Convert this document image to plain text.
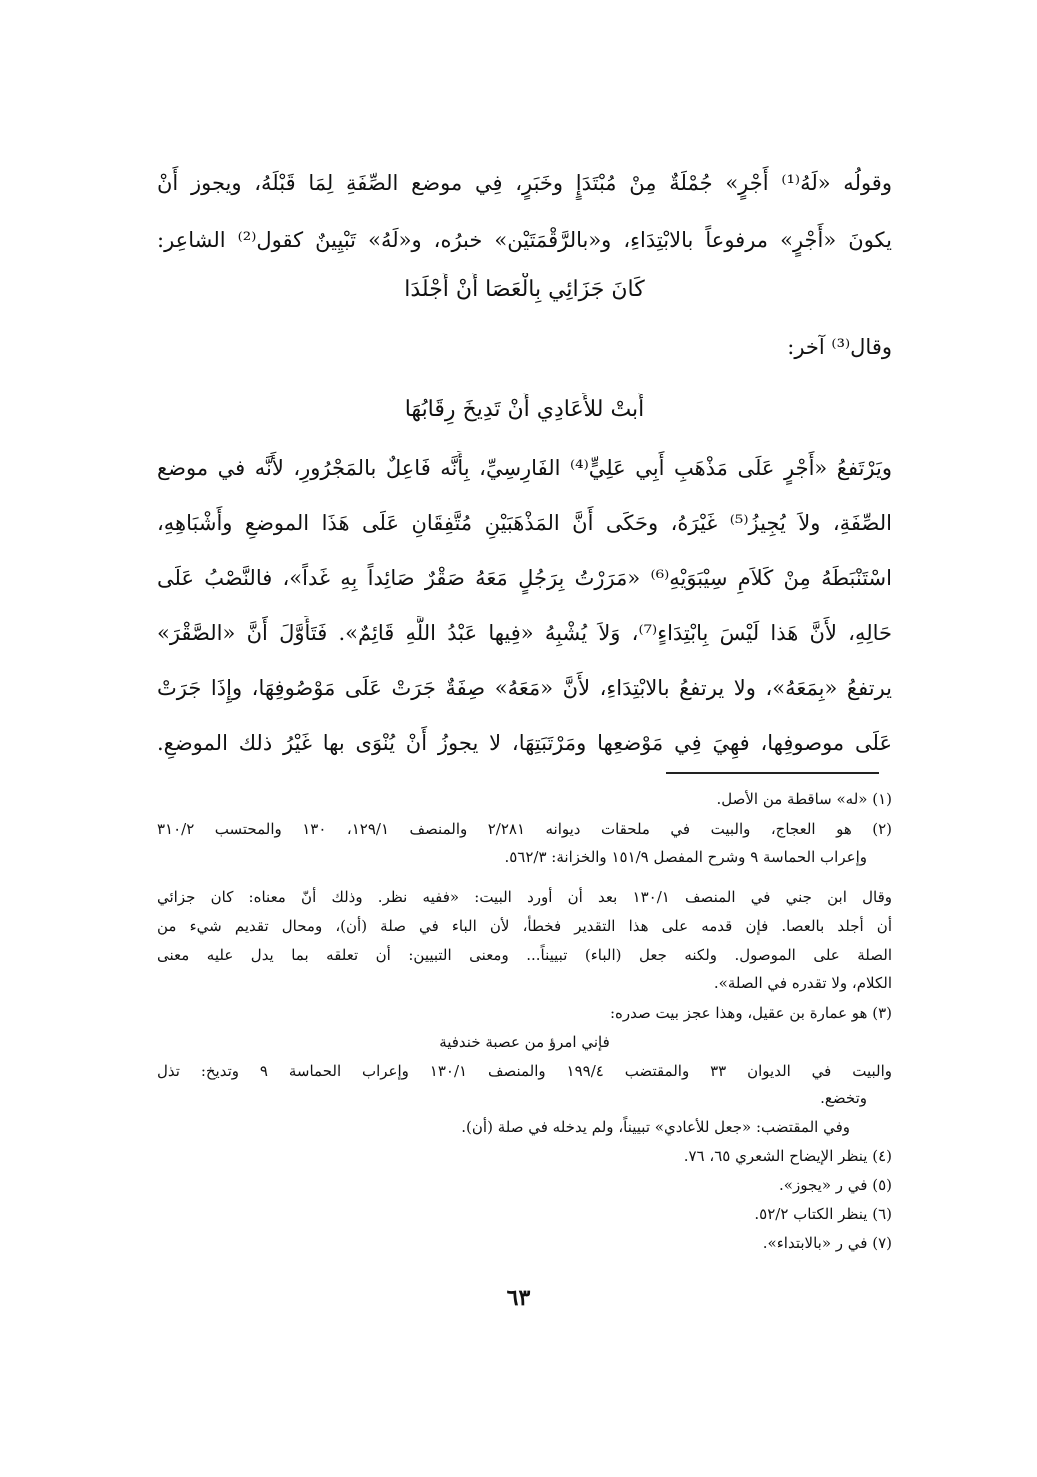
وقولُه «لَهُ⁽¹⁾ أَجْرٍ» جُمْلَةٌ مِنْ مُبْتَدَإٍ وخَبَرٍ، فِي موضع الصِّفَةِ لِمَا قَبْلَهُ، ويجوز أَنْ
يكونَ «أَجْرٍ» مرفوعاً بالابْتِدَاءِ، و«بالرَّقْمَتَيْن» خبرُه، و«لَهُ» تَبْيِينٌ كقول⁽²⁾ الشاعِر:
كَانَ جَزَائِي بِالْعَصَا أَنْ أُجْلَدَا
وقال⁽³⁾ آخر:
أَبتْ للأَعَادِي أَنْ تَدِيخَ رِقَابُهَا
ويَرْتَفعُ «أَجْرٍ عَلَى مَذْهَبِ أَبِي عَلِيٍّ⁽⁴⁾ الفَارِسِيِّ، بِأَنَّه فَاعِلٌ بالمَجْرُورِ، لأَنَّه في موضع
الصِّفَةِ، ولاَ يُجِيزُ⁽⁵⁾ غَيْرَهُ، وحَكَى أَنَّ المَذْهَبَيْنِ مُتَّفِقَانِ عَلَى هَذَا الموضعِ وأَشْبَاهِهِ،
اسْتَنْبَطَهُ مِنْ كَلاَمِ سِيْبَوَيْهِ⁽⁶⁾ «مَرَرْتُ بِرَجُلٍ مَعَهُ صَقْرٌ صَائِداً بِهِ غَداً»، فالنَّصْبُ عَلَى
حَالِهِ، لأَنَّ هَذا لَيْسَ بِابْتِدَاءٍ⁽⁷⁾، وَلاَ يُشْبِهُ «فِيها عَبْدُ اللَّهِ قَائِمٌ». فَتَأَوَّلَ أَنَّ «الصَّقْرَ»
يرتفعُ «بِمَعَهُ»، ولا يرتفعُ بالابْتِدَاءِ، لأَنَّ «مَعَهُ» صِفَةٌ جَرَتْ عَلَى مَوْصُوفِهَا، وإِذَا جَرَتْ
عَلَى موصوفِها، فهِيَ فِي مَوْضعِها ومَرْتَبَتِهَا، لا يجوزُ أَنْ يُنْوَى بها غَيْرُ ذلك الموضعِ.
(١) «له» ساقطة من الأصل.
(٢) هو العجاج، والبيت في ملحقات ديوانه ٢/٢٨١ والمنصف ١٢٩/١، ١٣٠ والمحتسب ٣١٠/٢
وإعراب الحماسة ٩ وشرح المفصل ١٥١/٩ والخزانة: ٥٦٢/٣.
وقال ابن جني في المنصف ١٣٠/١ بعد أن أورد البيت: «ففيه نظر. وذلك أنّ معناه: كان جزائي
أن أجلد بالعصا. فإن قدمه على هذا التقدير فخطأ، لأن الباء في صلة (أن)، ومحال تقديم شيء من
الصلة على الموصول. ولكنه جعل (الباء) تبييناً... ومعنى التبيين: أن تعلقه بما يدل عليه معنى
الكلام، ولا تقدره في الصلة».
(٣) هو عمارة بن عقيل، وهذا عجز بيت صدره:
فإني امرؤ من عصبة خندفية
والبيت في الديوان ٣٣ والمقتضب ١٩٩/٤ والمنصف ١٣٠/١ وإعراب الحماسة ٩ وتديخ: تذل
وتخضع.
وفي المقتضب: «جعل للأعادي» تبييناً، ولم يدخله في صلة (أن).
(٤) ينظر الإيضاح الشعري ٦٥، ٧٦.
(٥) في ر «يجوز».
(٦) ينظر الكتاب ٥٢/٢.
(٧) في ر «بالابتداء».
٦٣
